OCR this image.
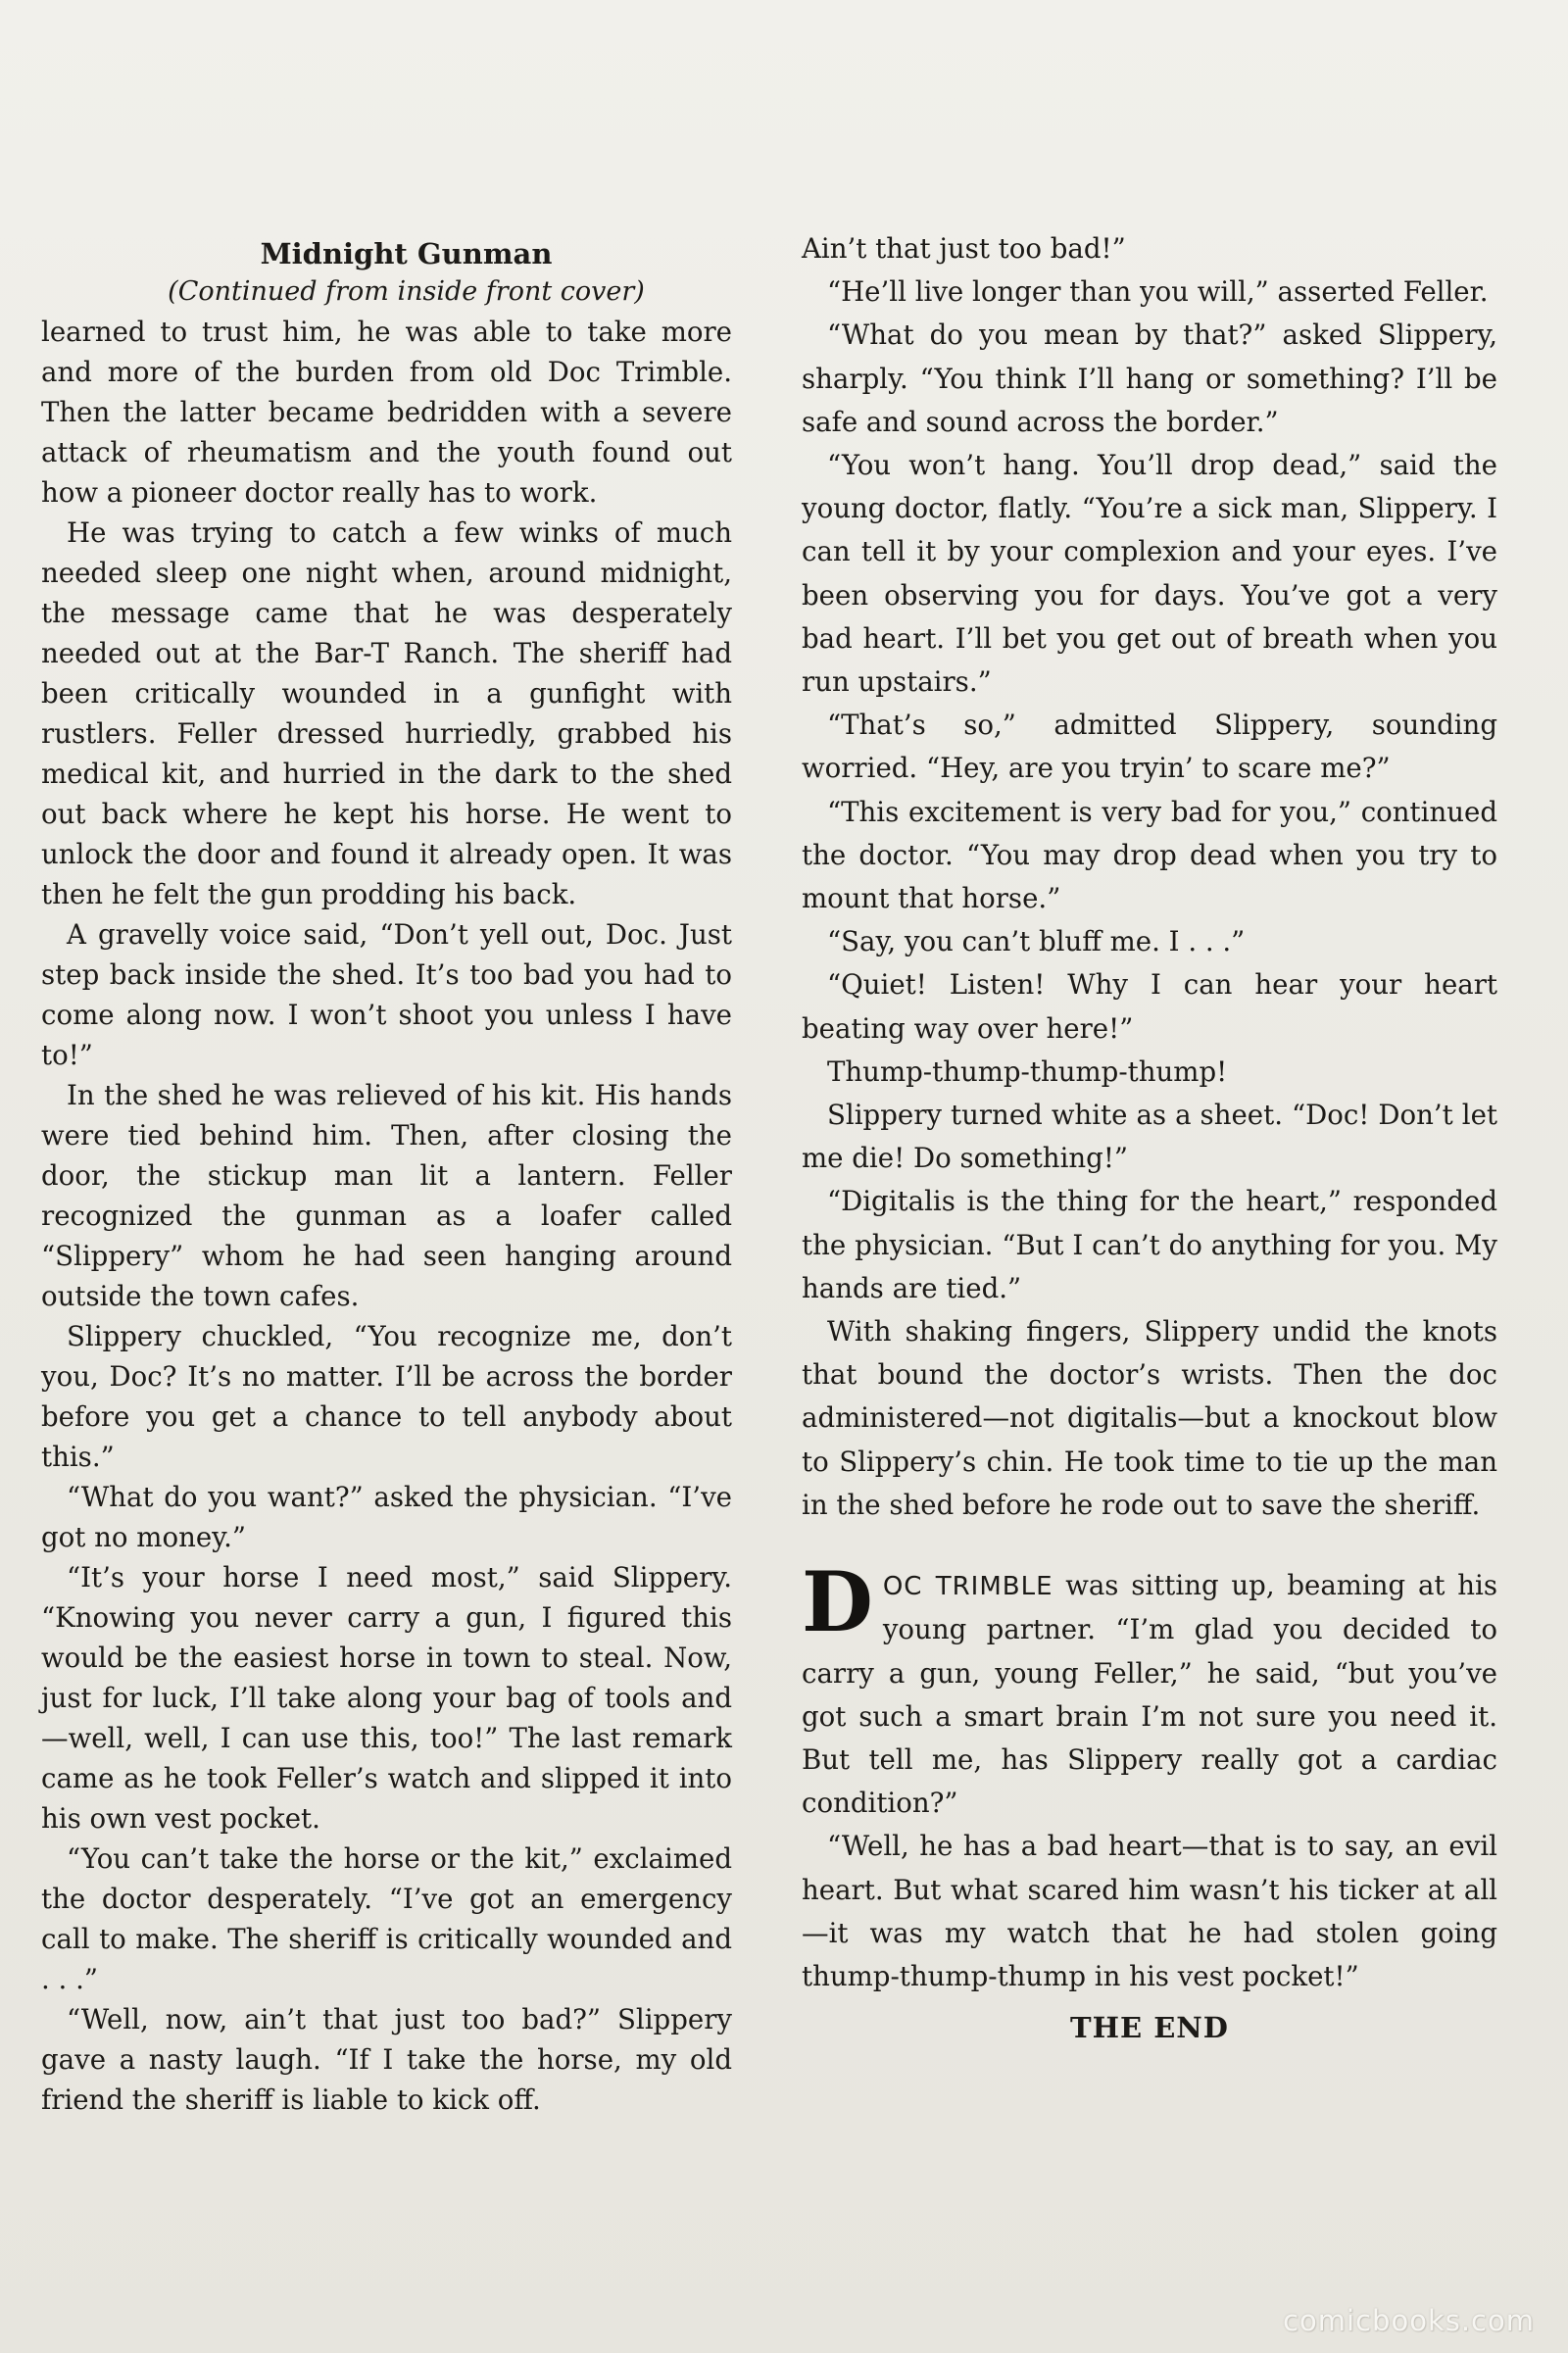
Midnight Gunman
(Continued from inside front cover)

learned to trust him, he was able to take more and more of the burden from old Doc Trimble. Then the latter became bedridden with a severe attack of rheumatism and the youth found out how a pioneer doctor really has to work.

He was trying to catch a few winks of much needed sleep one night when, around midnight, the message came that he was desperately needed out at the Bar-T Ranch. The sheriff had been critically wounded in a gunfight with rustlers. Feller dressed hurriedly, grabbed his medical kit, and hurried in the dark to the shed out back where he kept his horse. He went to unlock the door and found it already open. It was then he felt the gun prodding his back.

A gravelly voice said, “Don’t yell out, Doc. Just step back inside the shed. It’s too bad you had to come along now. I won’t shoot you unless I have to!”

In the shed he was relieved of his kit. His hands were tied behind him. Then, after closing the door, the stickup man lit a lantern. Feller recognized the gunman as a loafer called “Slippery” whom he had seen hanging around outside the town cafes.

Slippery chuckled, “You recognize me, don’t you, Doc? It’s no matter. I’ll be across the border before you get a chance to tell anybody about this.”

“What do you want?” asked the physician. “I’ve got no money.”

“It’s your horse I need most,” said Slippery. “Knowing you never carry a gun, I figured this would be the easiest horse in town to steal. Now, just for luck, I’ll take along your bag of tools and—well, well, I can use this, too!” The last remark came as he took Feller’s watch and slipped it into his own vest pocket.

“You can’t take the horse or the kit,” exclaimed the doctor desperately. “I’ve got an emergency call to make. The sheriff is critically wounded and . . .”

“Well, now, ain’t that just too bad?” Slippery gave a nasty laugh. “If I take the horse, my old friend the sheriff is liable to kick off.

Ain’t that just too bad!”

“He’ll live longer than you will,” asserted Feller.

“What do you mean by that?” asked Slippery, sharply. “You think I’ll hang or something? I’ll be safe and sound across the border.”

“You won’t hang. You’ll drop dead,” said the young doctor, flatly. “You’re a sick man, Slippery. I can tell it by your complexion and your eyes. I’ve been observing you for days. You’ve got a very bad heart. I’ll bet you get out of breath when you run upstairs.”

“That’s so,” admitted Slippery, sounding worried. “Hey, are you tryin’ to scare me?”

“This excitement is very bad for you,” continued the doctor. “You may drop dead when you try to mount that horse.”

“Say, you can’t bluff me. I . . .”

“Quiet! Listen! Why I can hear your heart beating way over here!”

Thump-thump-thump-thump!

Slippery turned white as a sheet. “Doc! Don’t let me die! Do something!”

“Digitalis is the thing for the heart,” responded the physician. “But I can’t do anything for you. My hands are tied.”

With shaking fingers, Slippery undid the knots that bound the doctor’s wrists. Then the doc administered—not digitalis—but a knockout blow to Slippery’s chin. He took time to tie up the man in the shed before he rode out to save the sheriff.

DOC TRIMBLE was sitting up, beaming at his young partner. “I’m glad you decided to carry a gun, young Feller,” he said, “but you’ve got such a smart brain I’m not sure you need it. But tell me, has Slippery really got a cardiac condition?”

“Well, he has a bad heart—that is to say, an evil heart. But what scared him wasn’t his ticker at all—it was my watch that he had stolen going thump-thump-thump in his vest pocket!”

THE END
comicbooks.com
